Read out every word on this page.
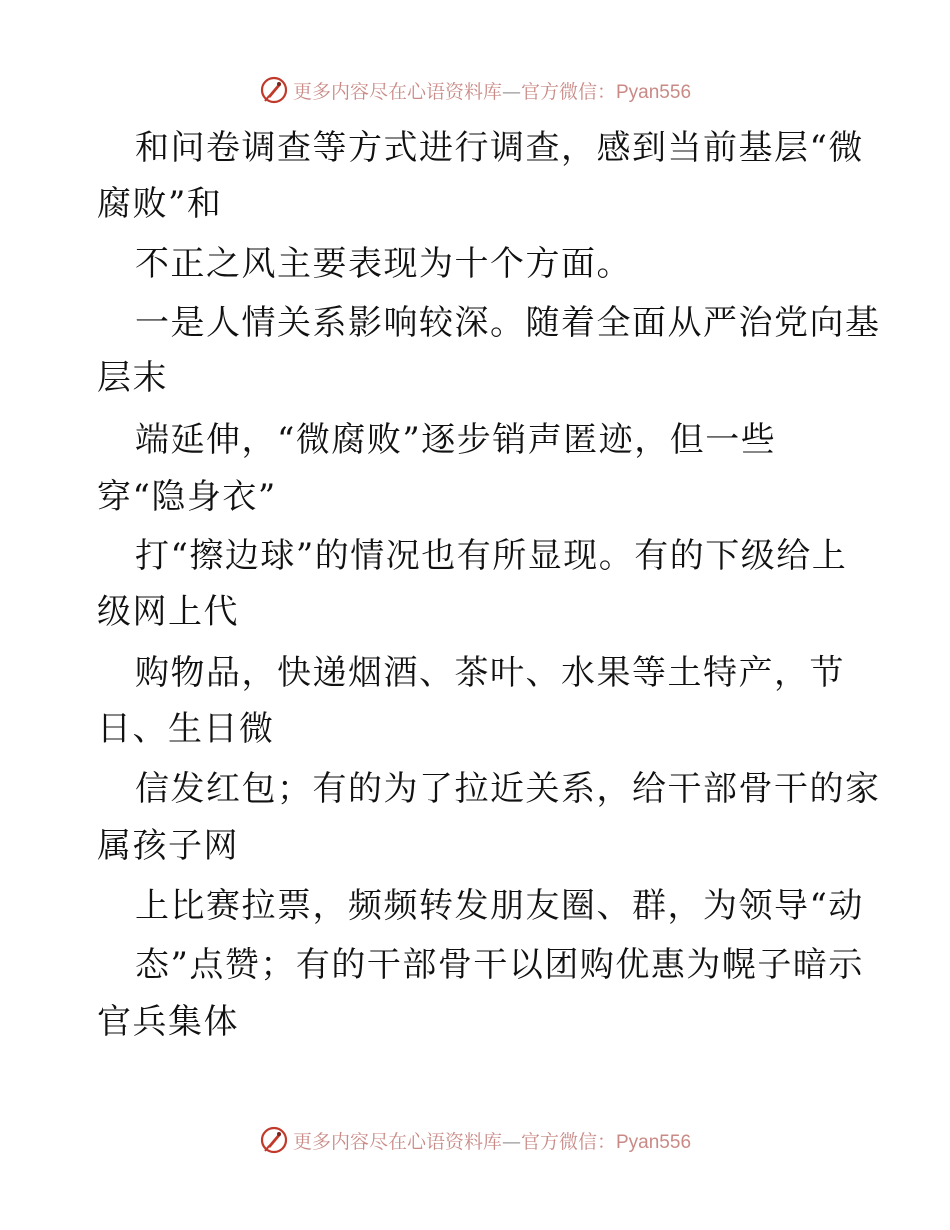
更多内容尽在心语资料库—官方微信：Pyan556
和问卷调查等方式进行调查，感到当前基层“微
腐败”和
不正之风主要表现为十个方面。
一是人情关系影响较深。随着全面从严治党向基
层末
端延伸，“微腐败”逐步销声匿迹，但一些
穿“隐身衣”
打“擦边球”的情况也有所显现。有的下级给上
级网上代
购物品，快递烟酒、茶叶、水果等土特产，节
日、生日微
信发红包；有的为了拉近关系，给干部骨干的家
属孩子网
上比赛拉票，频频转发朋友圈、群，为领导“动
态”点赞；有的干部骨干以团购优惠为幌子暗示
官兵集体
更多内容尽在心语资料库—官方微信：Pyan556
